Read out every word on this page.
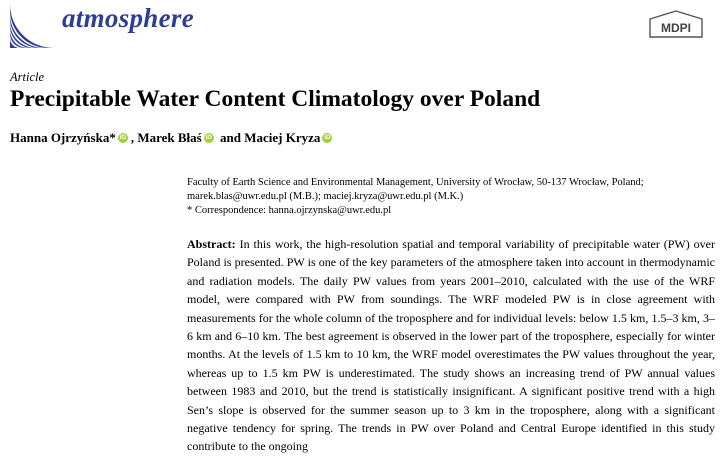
atmosphere	MDPI
Article
Precipitable Water Content Climatology over Poland
Hanna Ojrzyńska * iD ,
Marek Błaś iD
and
Maciej Kryza iD
Faculty of Earth Science and Environmental Management, University of Wrocław, 50-137 Wrocław, Poland;
marek.blas@uwr.edu.pl (M.B.); maciej.kryza@uwr.edu.pl (M.K.)
* Correspondence: hanna.ojrzynska@uwr.edu.pl
Abstract: In this work, the high-resolution spatial and temporal variability of precipitable water (PW) over Poland is presented. PW is one of the key parameters of the atmosphere taken into account in thermodynamic and radiation models. The daily PW values from years 2001–2010, calculated with the use of the WRF model, were compared with PW from soundings. The WRF modeled PW is in close agreement with measurements for the whole column of the troposphere and for individual levels: below 1.5 km, 1.5–3 km, 3–6 km and 6–10 km. The best agreement is observed in the lower part of the troposphere, especially for winter months. At the levels of 1.5 km to 10 km, the WRF model overestimates the PW values throughout the year, whereas up to 1.5 km PW is underestimated. The study shows an increasing trend of PW annual values between 1983 and 2010, but the trend is statistically insignificant. A significant positive trend with a high Sen’s slope is observed for the summer season up to 3 km in the troposphere, along with a significant negative tendency for spring. The trends in PW over Poland and Central Europe identified in this study contribute to the ongoing
